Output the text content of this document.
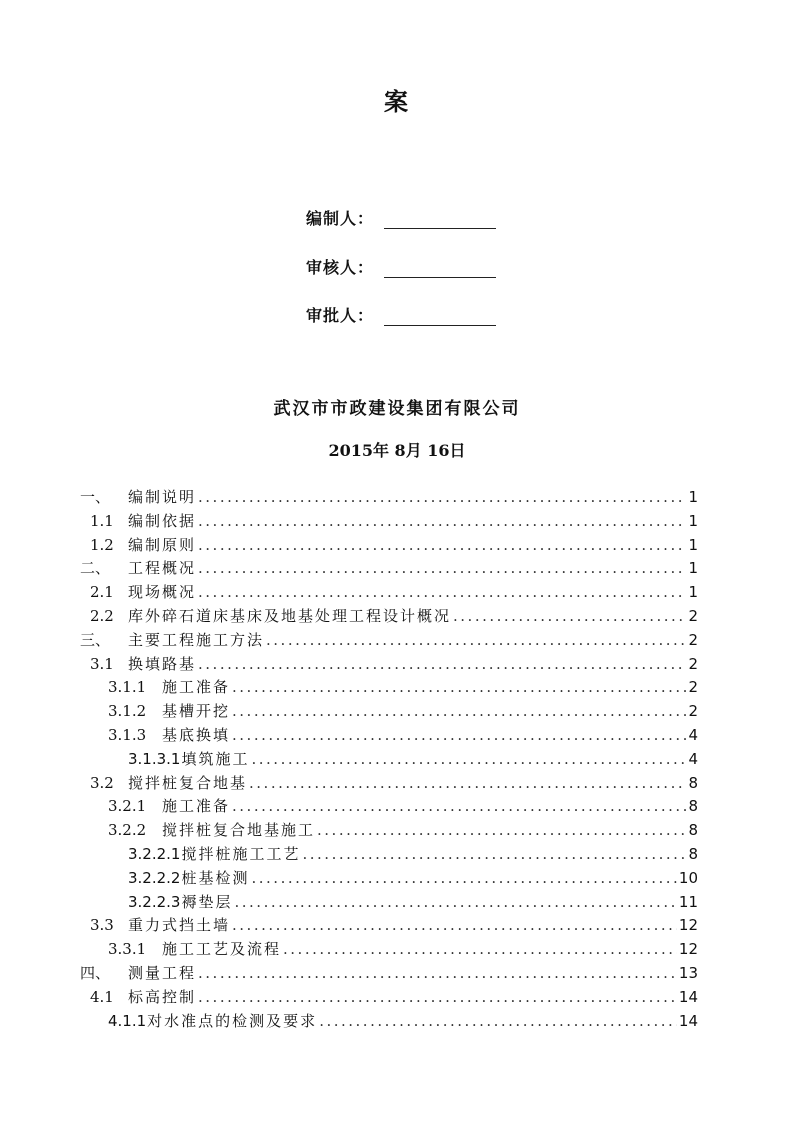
案
编制人：
审核人：
审批人：
武汉市市政建设集团有限公司
2015年 8月 16日
一、	编制说明 .....	1
1.1 编制依据 .....	1
1.2 编制原则 .....	1
二、	工程概况 .....	1
2.1 现场概况 .....	1
2.2 库外碎石道床基床及地基处理工程设计概况 .....	2
三、	主要工程施工方法 .....	2
3.1 换填路基 .....	2
3.1.1	施工准备 .....	2
3.1.2	基槽开挖 .....	2
3.1.3	基底换填 .....	4
3.1.3.1 填筑施工 .....	4
3.2 搅拌桩复合地基 .....	8
3.2.1	施工准备 .....	8
3.2.2	搅拌桩复合地基施工 .....	8
3.2.2.1 搅拌桩施工工艺 .....	8
3.2.2.2 桩基检测 .....	10
3.2.2.3 褥垫层 .....	11
3.3 重力式挡土墙 .....	12
3.3.1	施工工艺及流程 .....	12
四、	测量工程 .....	13
4.1 标高控制 .....	14
4.1.1 对水准点的检测及要求 .....	14
